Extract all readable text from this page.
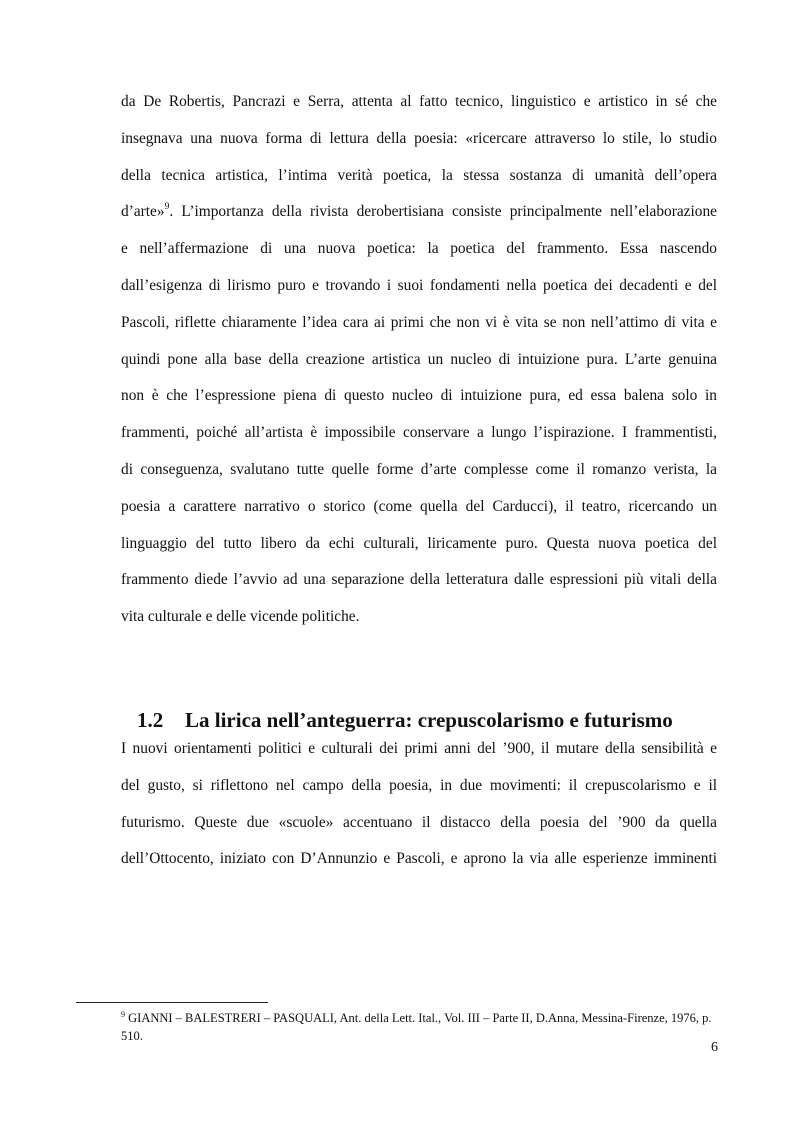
da De Robertis, Pancrazi e Serra, attenta al fatto tecnico, linguistico e artistico in sé che
insegnava una nuova forma di lettura della poesia: «ricercare attraverso lo stile, lo studio
della tecnica artistica, l’intima verità poetica, la stessa sostanza di umanità dell’opera
d’arte»$^9$. L’importanza della rivista derobertisiana consiste principalmente nell’elaborazione
e nell’affermazione di una nuova poetica: la poetica del frammento. Essa nascendo
dall’esigenza di lirismo puro e trovando i suoi fondamenti nella poetica dei decadenti e del
Pascoli, riflette chiaramente l’idea cara ai primi che non vi è vita se non nell’attimo di vita e
quindi pone alla base della creazione artistica un nucleo di intuizione pura. L’arte genuina
non è che l’espressione piena di questo nucleo di intuizione pura, ed essa balena solo in
frammenti, poiché all’artista è impossibile conservare a lungo l’ispirazione. I frammentisti,
di conseguenza, svalutano tutte quelle forme d’arte complesse come il romanzo verista, la
poesia a carattere narrativo o storico (come quella del Carducci), il teatro, ricercando un
linguaggio del tutto libero da echi culturali, liricamente puro. Questa nuova poetica del
frammento diede l’avvio ad una separazione della letteratura dalle espressioni più vitali della
vita culturale e delle vicende politiche.
1.2 La lirica nell’anteguerra: crepuscolarismo e futurismo
I nuovi orientamenti politici e culturali dei primi anni del ’900, il mutare della sensibilità e
del gusto, si riflettono nel campo della poesia, in due movimenti: il crepuscolarismo e il
futurismo. Queste due «scuole» accentuano il distacco della poesia del ’900 da quella
dell’Ottocento, iniziato con D’Annunzio e Pascoli, e aprono la via alle esperienze imminenti

$^9$ GIANNI – BALESTRERI – PASQUALI, Ant. della Lett. Ital., Vol. III – Parte II, D.Anna, Messina-Firenze, 1976, p. 510.

6
